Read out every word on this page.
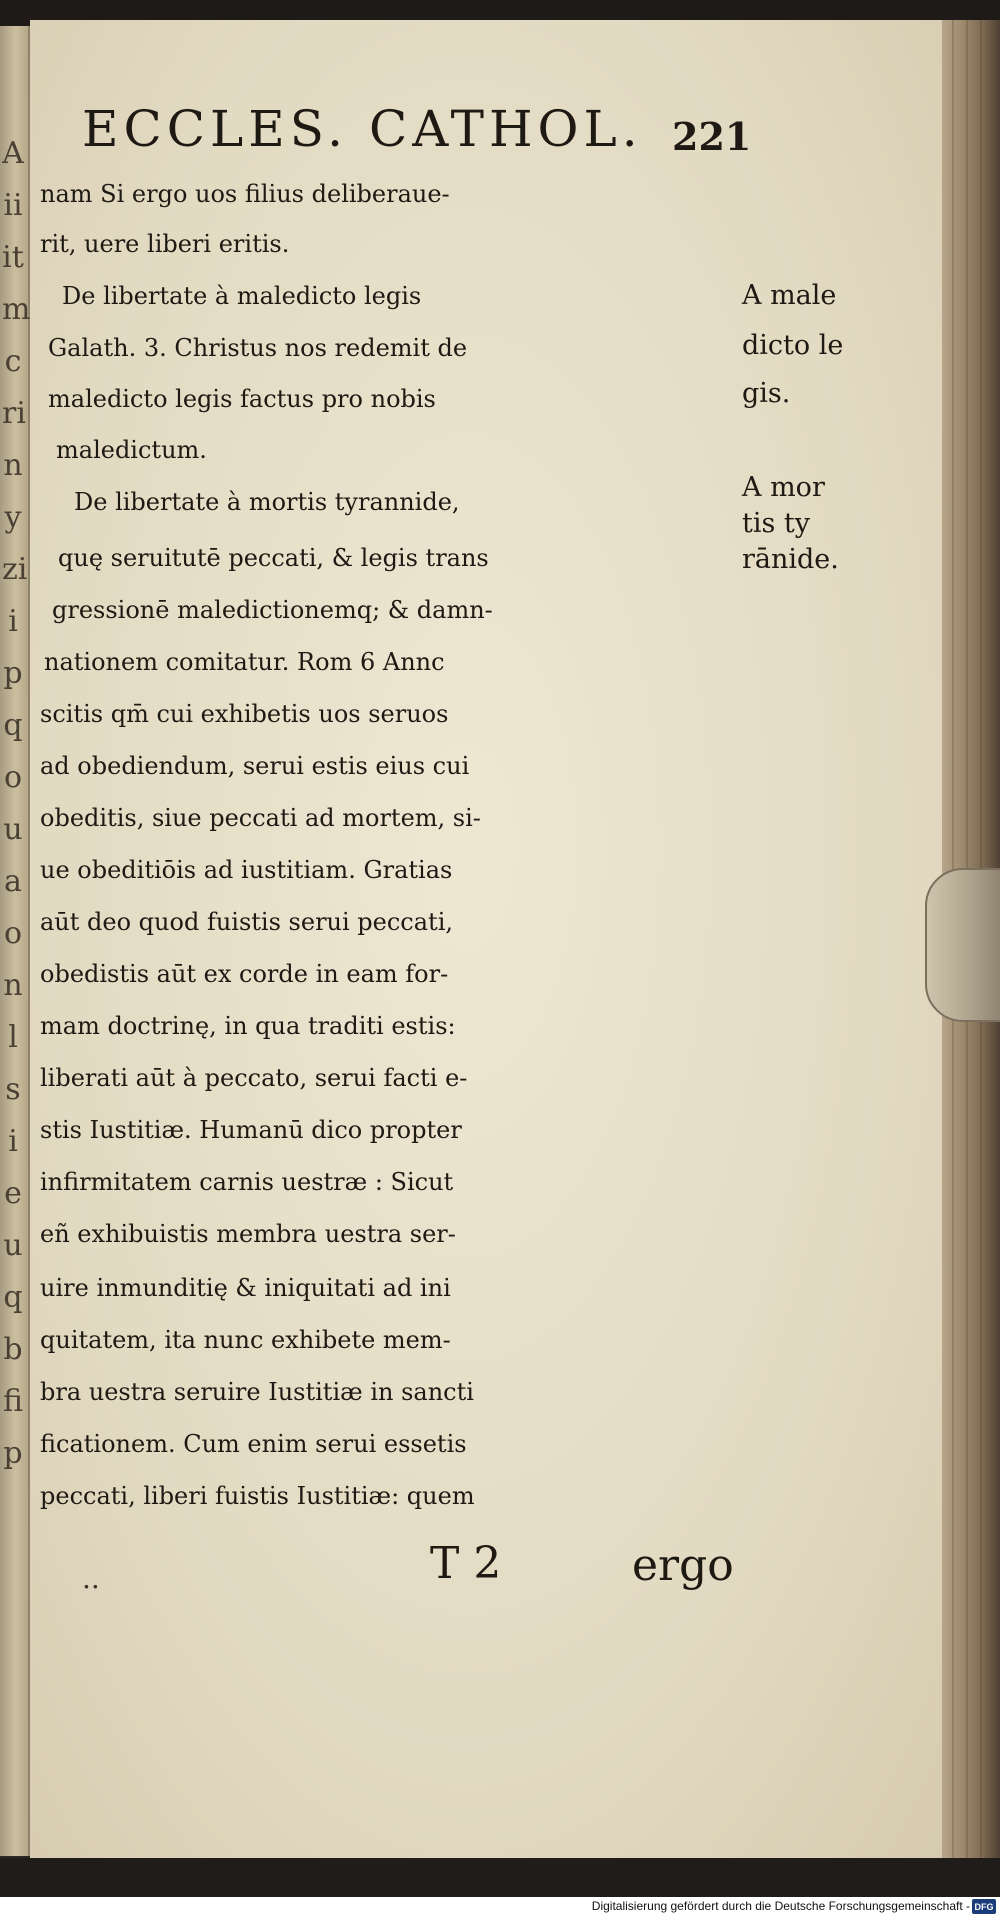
A
ii
it
m
c
ri
n
y
zi
i
p
q
o
u
a
o
n
l
s
i
e
u
q
b
fi
p
ECCLES. CATHOL. 221
nam Si ergo uos filius deliberaue-
rit, uere liberi eritis.
De libertate à maledicto legis
Galath. 3. Christus nos redemit de
maledicto legis factus pro nobis
maledictum.
De libertate à mortis tyrannide,
quę seruitutē peccati, & legis trans
gressionē maledictionemq; & damn-
nationem comitatur. Rom 6 Annc
scitis qm̄ cui exhibetis uos seruos
ad obediendum, serui estis eius cui
obeditis, siue peccati ad mortem, si-
ue obeditiōis ad iustitiam. Gratias
aūt deo quod fuistis serui peccati,
obedistis aūt ex corde in eam for-
mam doctrinę, in qua traditi estis:
liberati aūt à peccato, serui facti e-
stis Iustitiæ. Humanū dico propter
infirmitatem carnis uestræ : Sicut
eñ exhibuistis membra uestra ser-
uire inmunditię & iniquitati ad ini
quitatem, ita nunc exhibete mem-
bra uestra seruire Iustitiæ in sancti
ficationem. Cum enim serui essetis
peccati, liberi fuistis Iustitiæ: quem
A male
dicto le
gis.
A mor
tis ty
rānide.
..	T 2	ergo
Digitalisierung gefördert durch die Deutsche Forschungsgemeinschaft - DFG
